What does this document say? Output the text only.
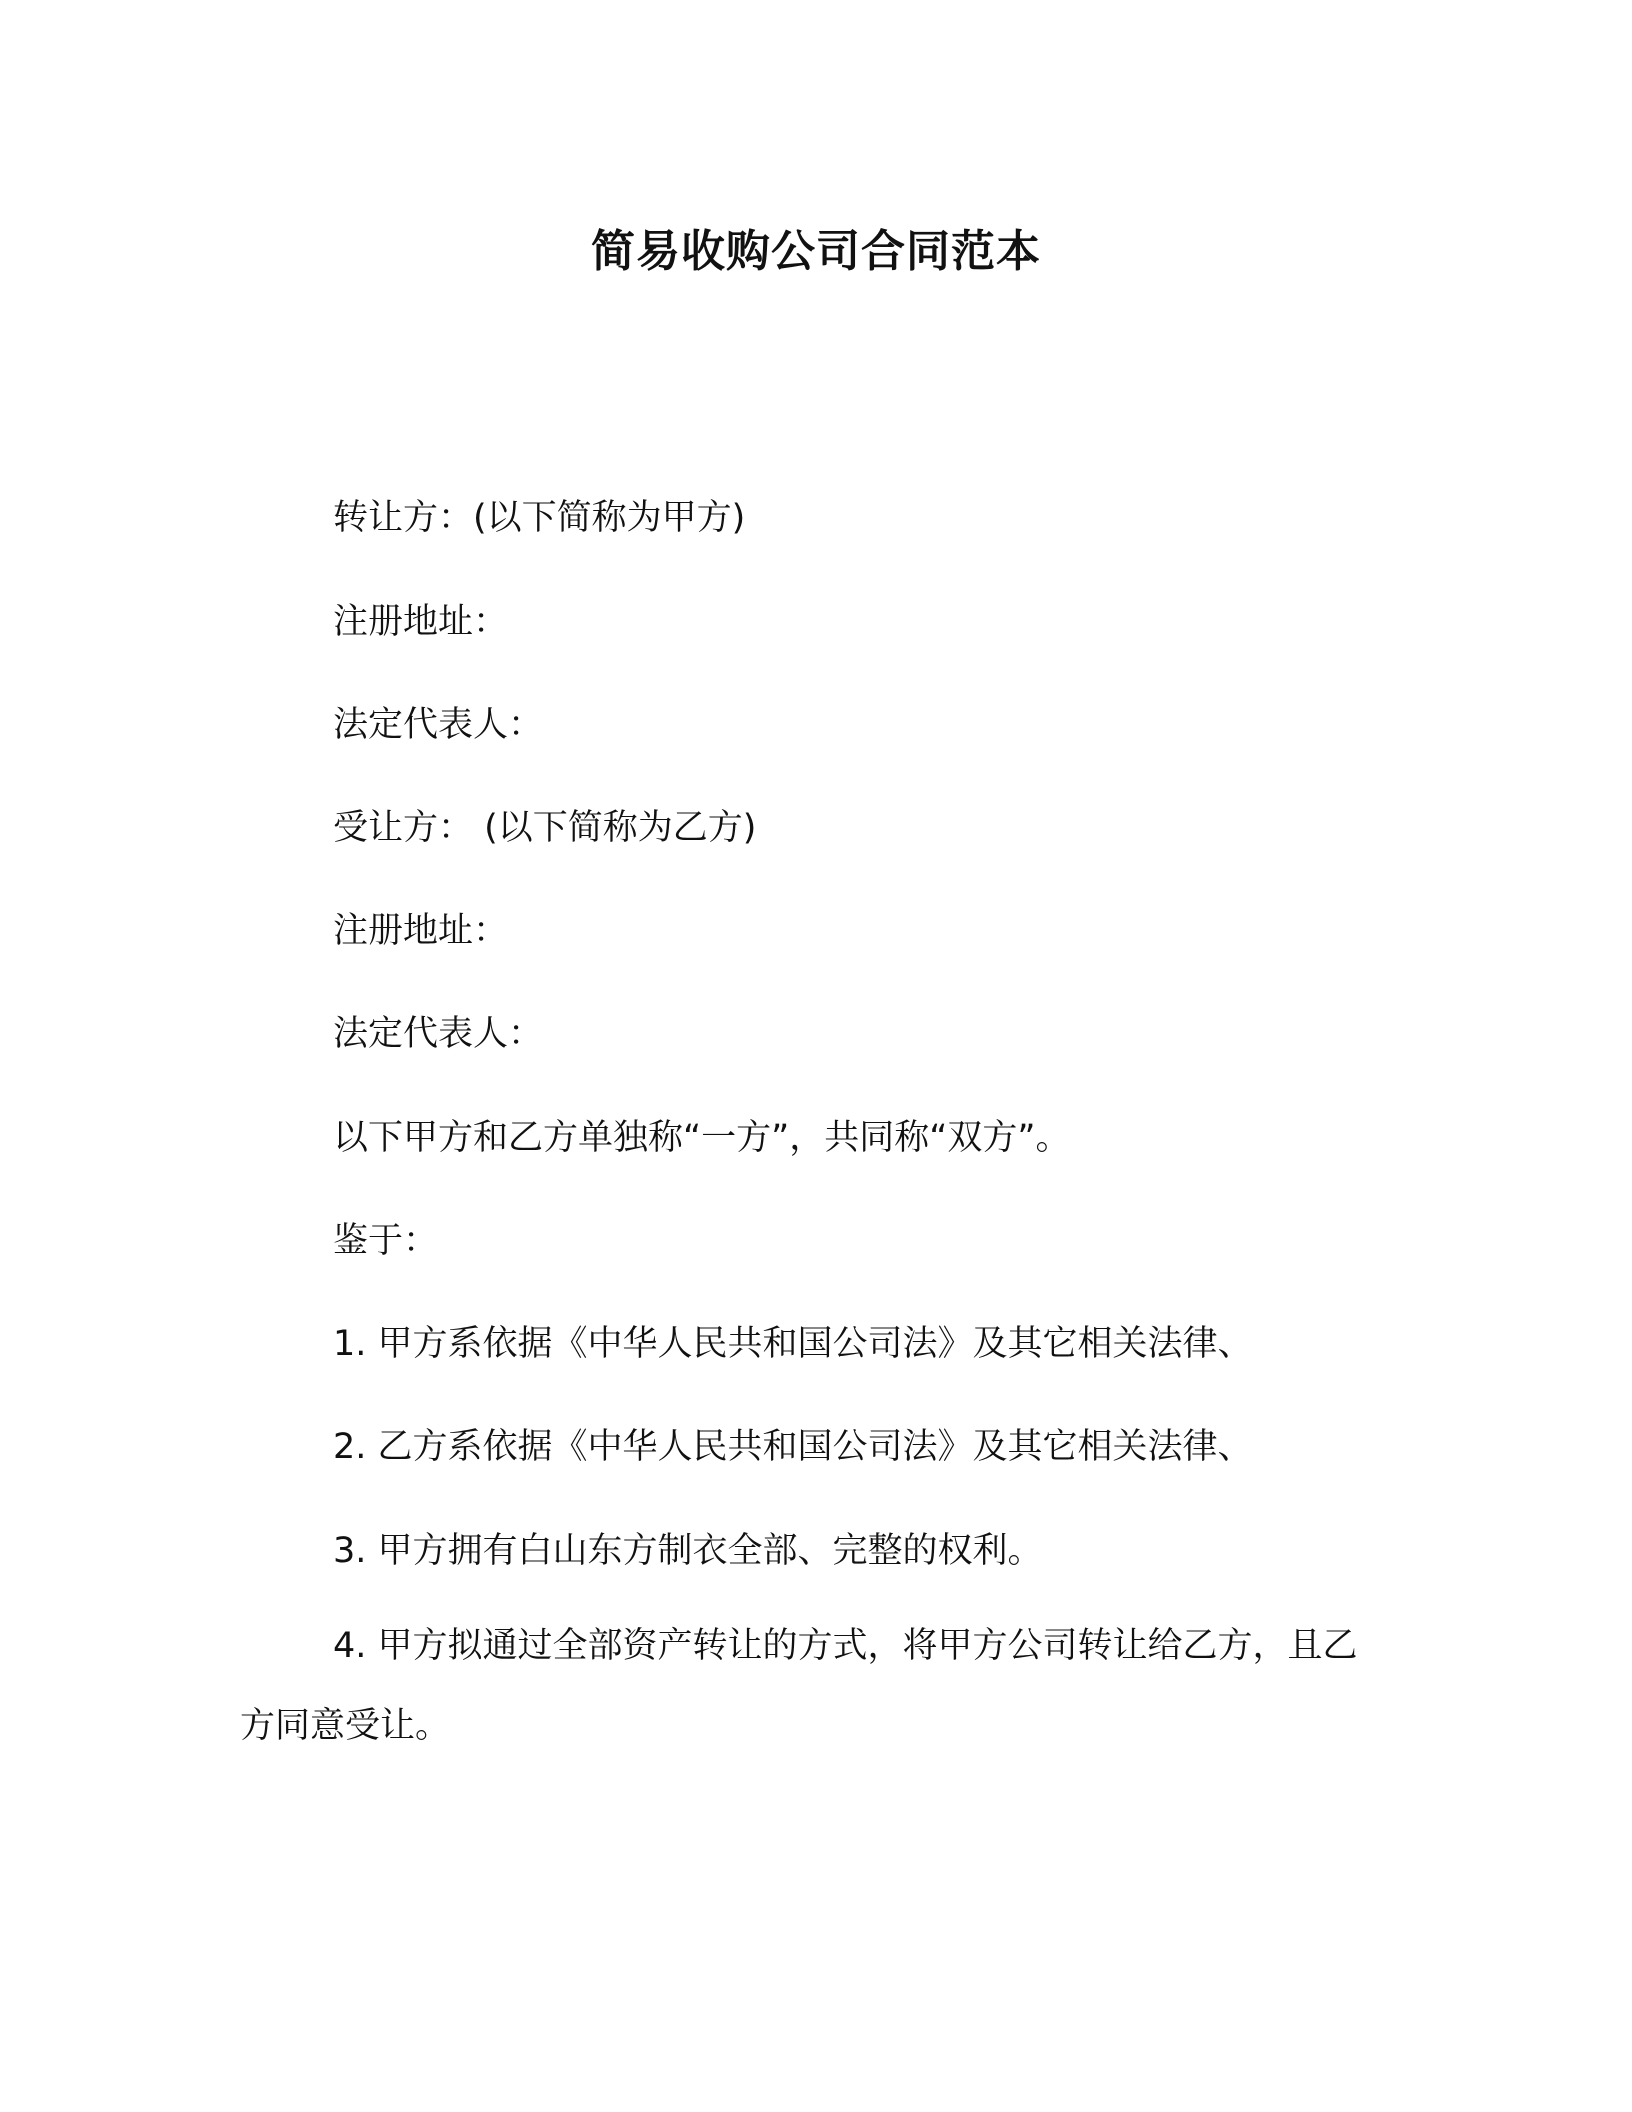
简易收购公司合同范本
转让方：(以下简称为甲方)
注册地址：
法定代表人：
受让方： (以下简称为乙方)
注册地址：
法定代表人：
以下甲方和乙方单独称“一方”，共同称“双方”。
鉴于：
1. 甲方系依据《中华人民共和国公司法》及其它相关法律、
2. 乙方系依据《中华人民共和国公司法》及其它相关法律、
3. 甲方拥有白山东方制衣全部、完整的权利。
4. 甲方拟通过全部资产转让的方式，将甲方公司转让给乙方，且乙方同意受让。
